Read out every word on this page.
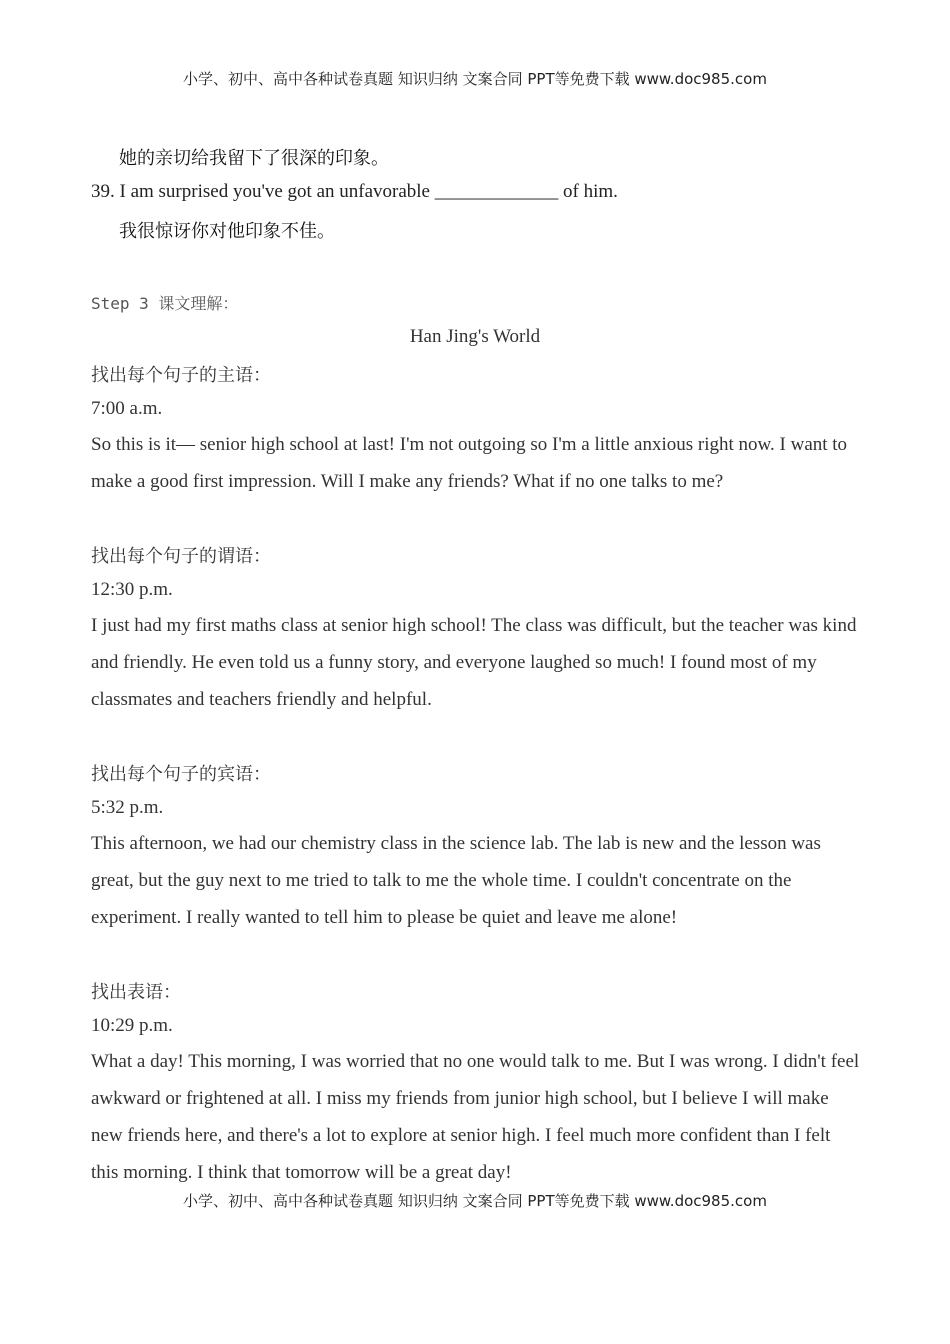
小学、初中、高中各种试卷真题 知识归纳 文案合同 PPT等免费下载 www.doc985.com
她的亲切给我留下了很深的印象。
39. I am surprised you've got an unfavorable _____________ of him.
我很惊讶你对他印象不佳。
Step 3 课文理解：
Han Jing's World
找出每个句子的主语：
7:00 a.m.
So this is it— senior high school at last! I'm not outgoing so I'm a little anxious right now. I want to make a good first impression. Will I make any friends? What if no one talks to me?
找出每个句子的谓语：
12:30 p.m.
I just had my first maths class at senior high school! The class was difficult, but the teacher was kind and friendly. He even told us a funny story, and everyone laughed so much! I found most of my classmates and teachers friendly and helpful.
找出每个句子的宾语：
5:32 p.m.
This afternoon, we had our chemistry class in the science lab. The lab is new and the lesson was great, but the guy next to me tried to talk to me the whole time. I couldn't concentrate on the experiment. I really wanted to tell him to please be quiet and leave me alone!
找出表语：
10:29 p.m.
What a day! This morning, I was worried that no one would talk to me. But I was wrong. I didn't feel awkward or frightened at all. I miss my friends from junior high school, but I believe I will make new friends here, and there's a lot to explore at senior high. I feel much more confident than I felt this morning. I think that tomorrow will be a great day!
小学、初中、高中各种试卷真题 知识归纳 文案合同 PPT等免费下载 www.doc985.com
